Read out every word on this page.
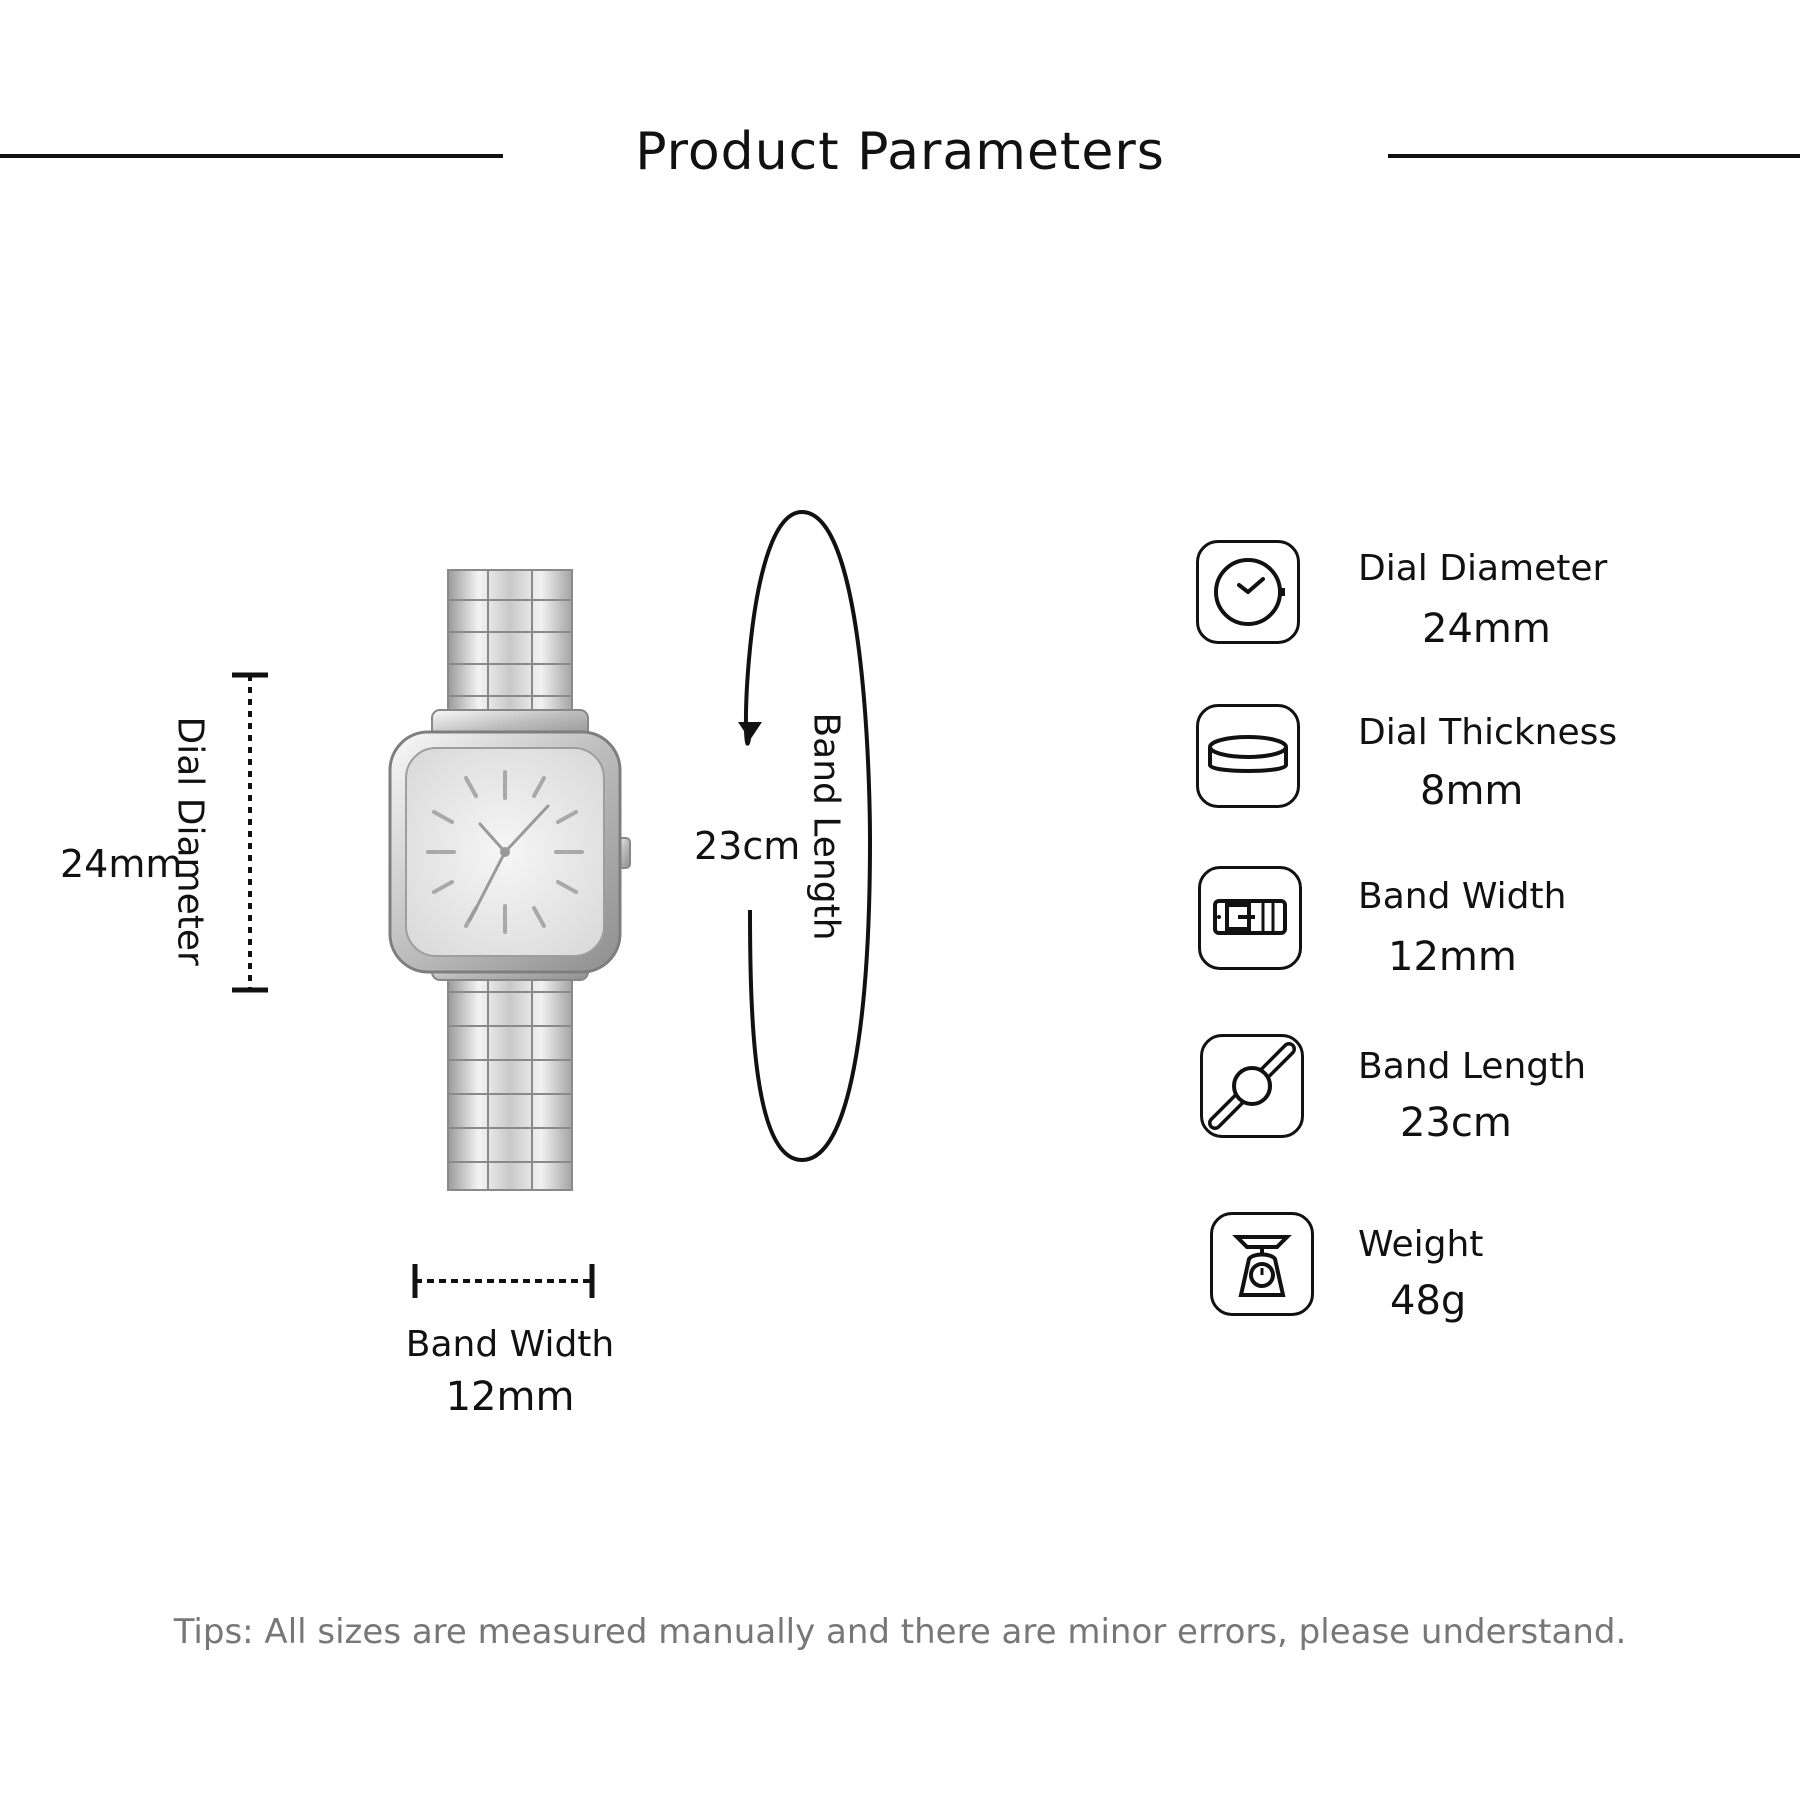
Product Parameters
Dial Diameter
24mm
Band Width
12mm
23cm Band Length
Dial Diameter
24mm
Dial Thickness
8mm
Band Width
12mm
Band Length
23cm
Weight
48g
Tips: All sizes are measured manually and there are minor errors, please understand.
